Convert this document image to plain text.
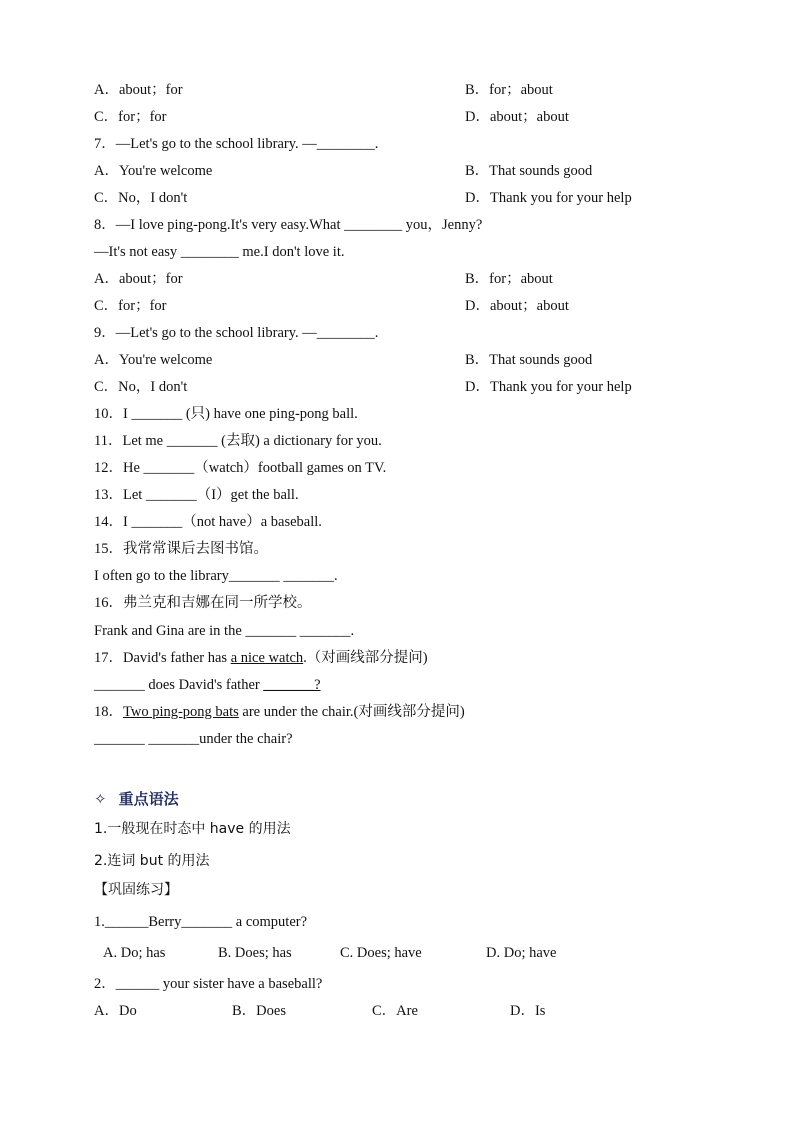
A．about；for	B．for；about
C．for；for	D．about；about
7．—Let's go to the school library. —________.
A．You're welcome	B．That sounds good
C．No，I don't	D．Thank you for your help
8．—I love ping-pong.It's very easy.What ________ you，Jenny?
—It's not easy ________ me.I don't love it.
A．about；for	B．for；about
C．for；for	D．about；about
9．—Let's go to the school library. —________.
A．You're welcome	B．That sounds good
C．No，I don't	D．Thank you for your help
10．I _______ (只) have one ping-pong ball.
11．Let me _______ (去取) a dictionary for you.
12．He _______（watch）football games on TV.
13．Let _______（I）get the ball.
14．I _______（not have）a baseball.
15．我常常课后去图书馆。
I often go to the library_______ _______.
16．弗兰克和吉娜在同一所学校。
Frank and Gina are in the _______ _______.
17．David's father has a nice watch.（对画线部分提问)
_______ does David's father _______?
18．Two ping-pong bats are under the chair.(对画线部分提问)
_______ _______under the chair?
✧ 重点语法
1.一般现在时态中 have 的用法
2.连词 but 的用法
【巩固练习】
1.______Berry_______ a computer?
A. Do; has	B. Does; has	C. Does; have	D. Do; have
2．______ your sister have a baseball?
A．Do	B．Does	C．Are	D．Is
